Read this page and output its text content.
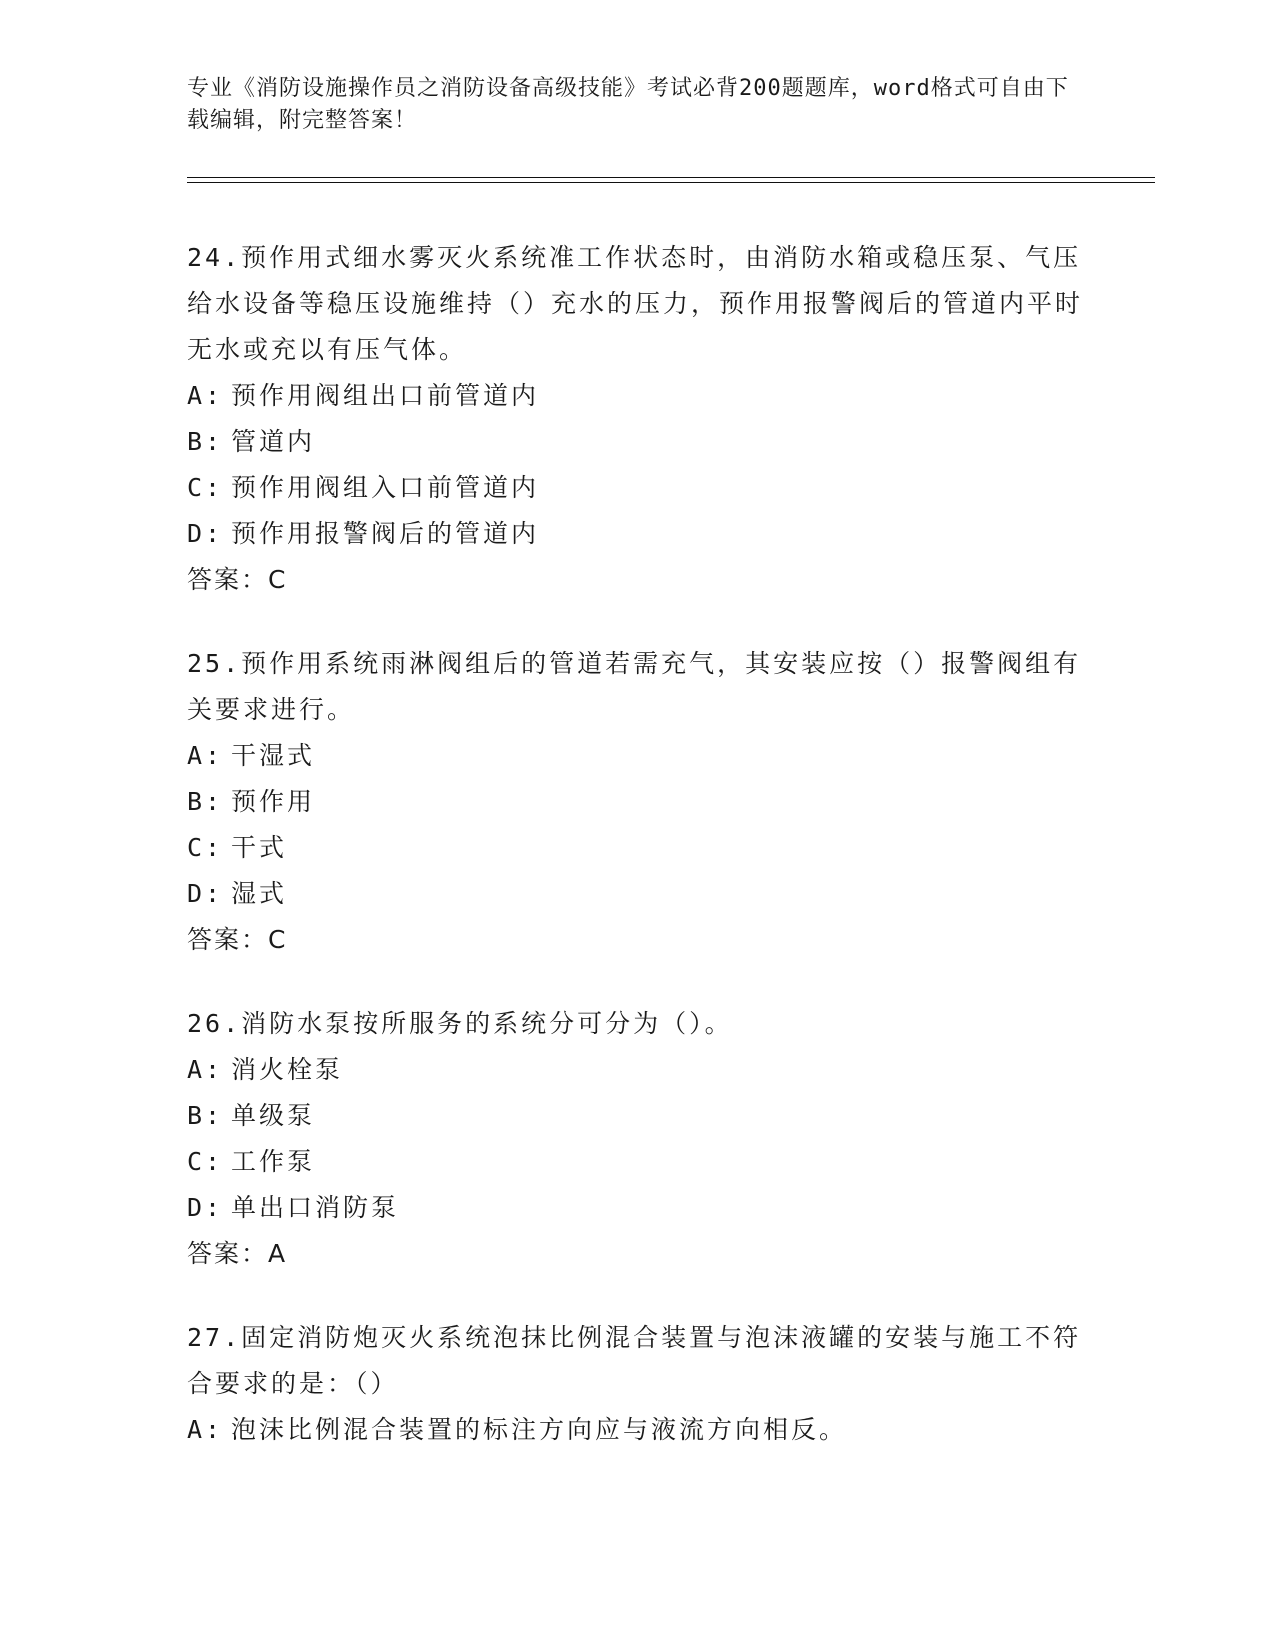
专业《消防设施操作员之消防设备高级技能》考试必背200题题库，word格式可自由下载编辑，附完整答案！

24.预作用式细水雾灭火系统准工作状态时，由消防水箱或稳压泵、气压给水设备等稳压设施维持（）充水的压力，预作用报警阀后的管道内平时无水或充以有压气体。

A: 预作用阀组出口前管道内

B: 管道内

C: 预作用阀组入口前管道内

D: 预作用报警阀后的管道内

答案：C

25.预作用系统雨淋阀组后的管道若需充气，其安装应按（）报警阀组有关要求进行。

A: 干湿式

B: 预作用

C: 干式

D: 湿式

答案：C

26.消防水泵按所服务的系统分可分为（）。

A: 消火栓泵

B: 单级泵

C: 工作泵

D: 单出口消防泵

答案：A

27.固定消防炮灭火系统泡抹比例混合装置与泡沫液罐的安装与施工不符合要求的是：（）

A: 泡沫比例混合装置的标注方向应与液流方向相反。
